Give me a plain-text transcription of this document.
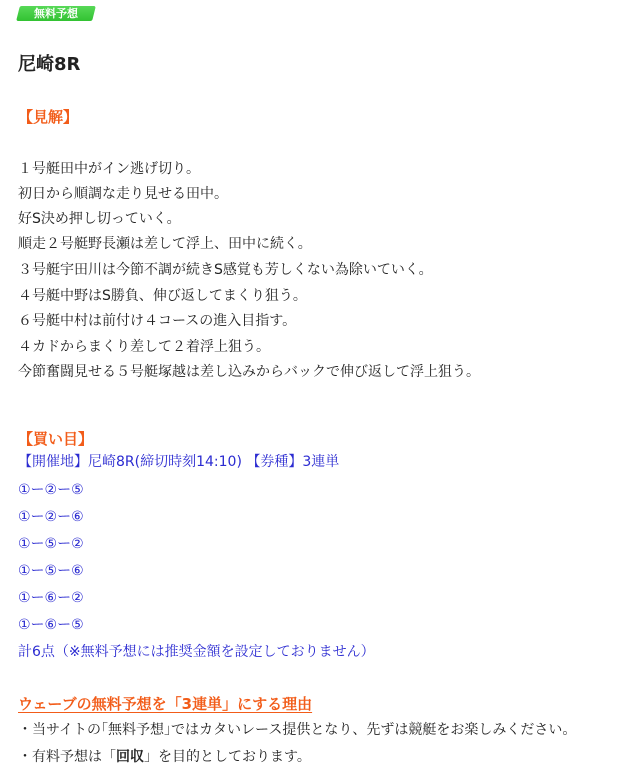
無料予想
尼崎8R
【見解】
１号艇田中がイン逃げ切り。
初日から順調な走り見せる田中。
好S決め押し切っていく。
順走２号艇野長瀬は差して浮上、田中に続く。
３号艇宇田川は今節不調が続きS感覚も芳しくない為除いていく。
４号艇中野はS勝負、伸び返してまくり狙う。
６号艇中村は前付け４コースの進入目指す。
４カドからまくり差して２着浮上狙う。
今節奮闘見せる５号艇塚越は差し込みからバックで伸び返して浮上狙う。
【買い目】
【開催地】尼崎8R(締切時刻14:10) 【券種】3連単
①ー②ー⑤
①ー②ー⑥
①ー⑤ー②
①ー⑤ー⑥
①ー⑥ー②
①ー⑥ー⑤
計6点（※無料予想には推奨金額を設定しておりません）
ウェーブの無料予想を「3連単」にする理由
・当サイトの｢無料予想｣ではカタいレース提供となり、先ずは競艇をお楽しみください。
・有料予想は「回収」を目的としております。
